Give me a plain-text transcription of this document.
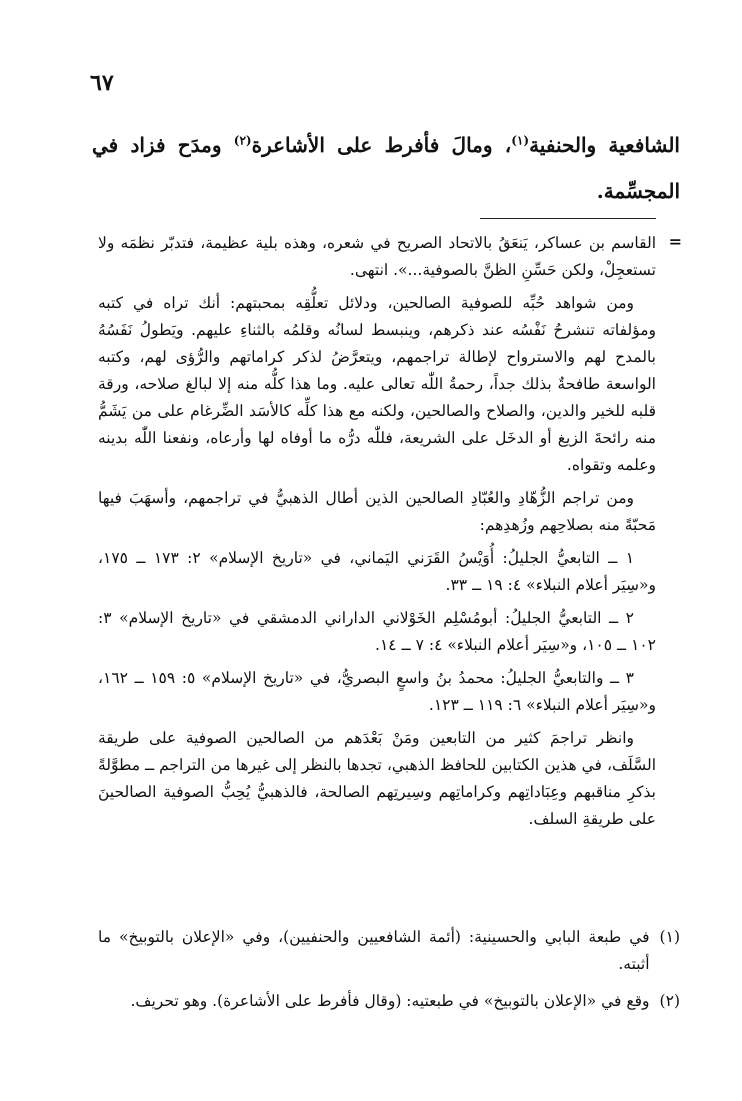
٦٧
الشافعية والحنفية$^{(١)}$، ومالَ فأفرط على الأشاعرة$^{(٢)}$ ومدَح فزاد في المجسِّمة.
=

القاسم بن عساكر، يَنعَقُ بالاتحاد الصريح في شعره، وهذه بلية عظيمة، فتدبّر نظمَه ولا تستعجِلْ، ولكن حَسِّنِ الظنَّ بالصوفية...». انتهى.

ومن شواهد حُبِّه للصوفية الصالحين، ودلائل تعلُّقِه بمحبتهم: أنك تراه في كتبه ومؤلفاته تنشرحُ نَفْسُه عند ذكرهم، وينبسط لسانُه وقلمُه بالثناءِ عليهم. ويَطولُ نَفَسُهُ بالمدح لهم والاسترواح لإطالة تراجمهم، ويتعرَّضُ لذكر كراماتهم والرُّؤى لهم، وكتبه الواسعة طافحةٌ بذلك جداً، رحمةُ اللّٰه تعالى عليه. وما هذا كلُّه منه إلا لبالغ صلاحه، ورقة قلبه للخير والدين، والصلاح والصالحين، ولكنه مع هذا كلِّه كالأسَد الضِّرغام على من يَشَمُّ منه رائحةَ الزيغ أو الدخَل على الشريعة، فللّٰه درُّه ما أوفاه لها وأرعاه، ونفعنا اللّٰه بدينه وعلمه وتقواه.

ومن تراجم الزُّهّادِ والعُبّادِ الصالحين الذين أطال الذهبيُّ في تراجمهم، وأسهَبَ فيها مَحبّةً منه بصلاحِهم وزُهدِهم:

١ ــ التابعيُّ الجليلُ: أُوَيْسُ القَرَني اليَماني، في «تاريخ الإسلام» ٢: ١٧٣ ــ ١٧٥، و«سِيَر أعلام النبلاء» ٤: ١٩ ــ ٣٣.

٢ ــ التابعيُّ الجليلُ: أبومُسْلِم الخَوْلاني الداراني الدمشقي في «تاريخ الإسلام» ٣: ١٠٢ ــ ١٠٥، و«سِيَر أعلام النبلاء» ٤: ٧ ــ ١٤.

٣ ــ والتابعيُّ الجليلُ: محمدُ بنُ واسعٍ البصريُّ، في «تاريخ الإسلام» ٥: ١٥٩ ــ ١٦٢، و«سِيَر أعلام النبلاء» ٦: ١١٩ ــ ١٢٣.

وانظر تراجمَ كثير من التابعين ومَنْ بَعْدَهم من الصالحين الصوفية على طريقة السَّلَف، في هذين الكتابين للحافظ الذهبي، تجدها بالنظر إلى غيرها من التراجم ــ مطوَّلةً بذكرِ مناقبهم وعِبَاداتِهم وكراماتِهم وسِيرتِهم الصالحة، فالذهبيُّ يُحِبُّ الصوفية الصالحينَ على طريقةِ السلف.

(١)
في طبعة البابي والحسينية: (أئمة الشافعيين والحنفيين)، وفي «الإعلان بالتوبيخ» ما أثبته.
(٢)
وقع في «الإعلان بالتوبيخ» في طبعتيه: (وقال فأفرط على الأشاعرة). وهو تحريف.
